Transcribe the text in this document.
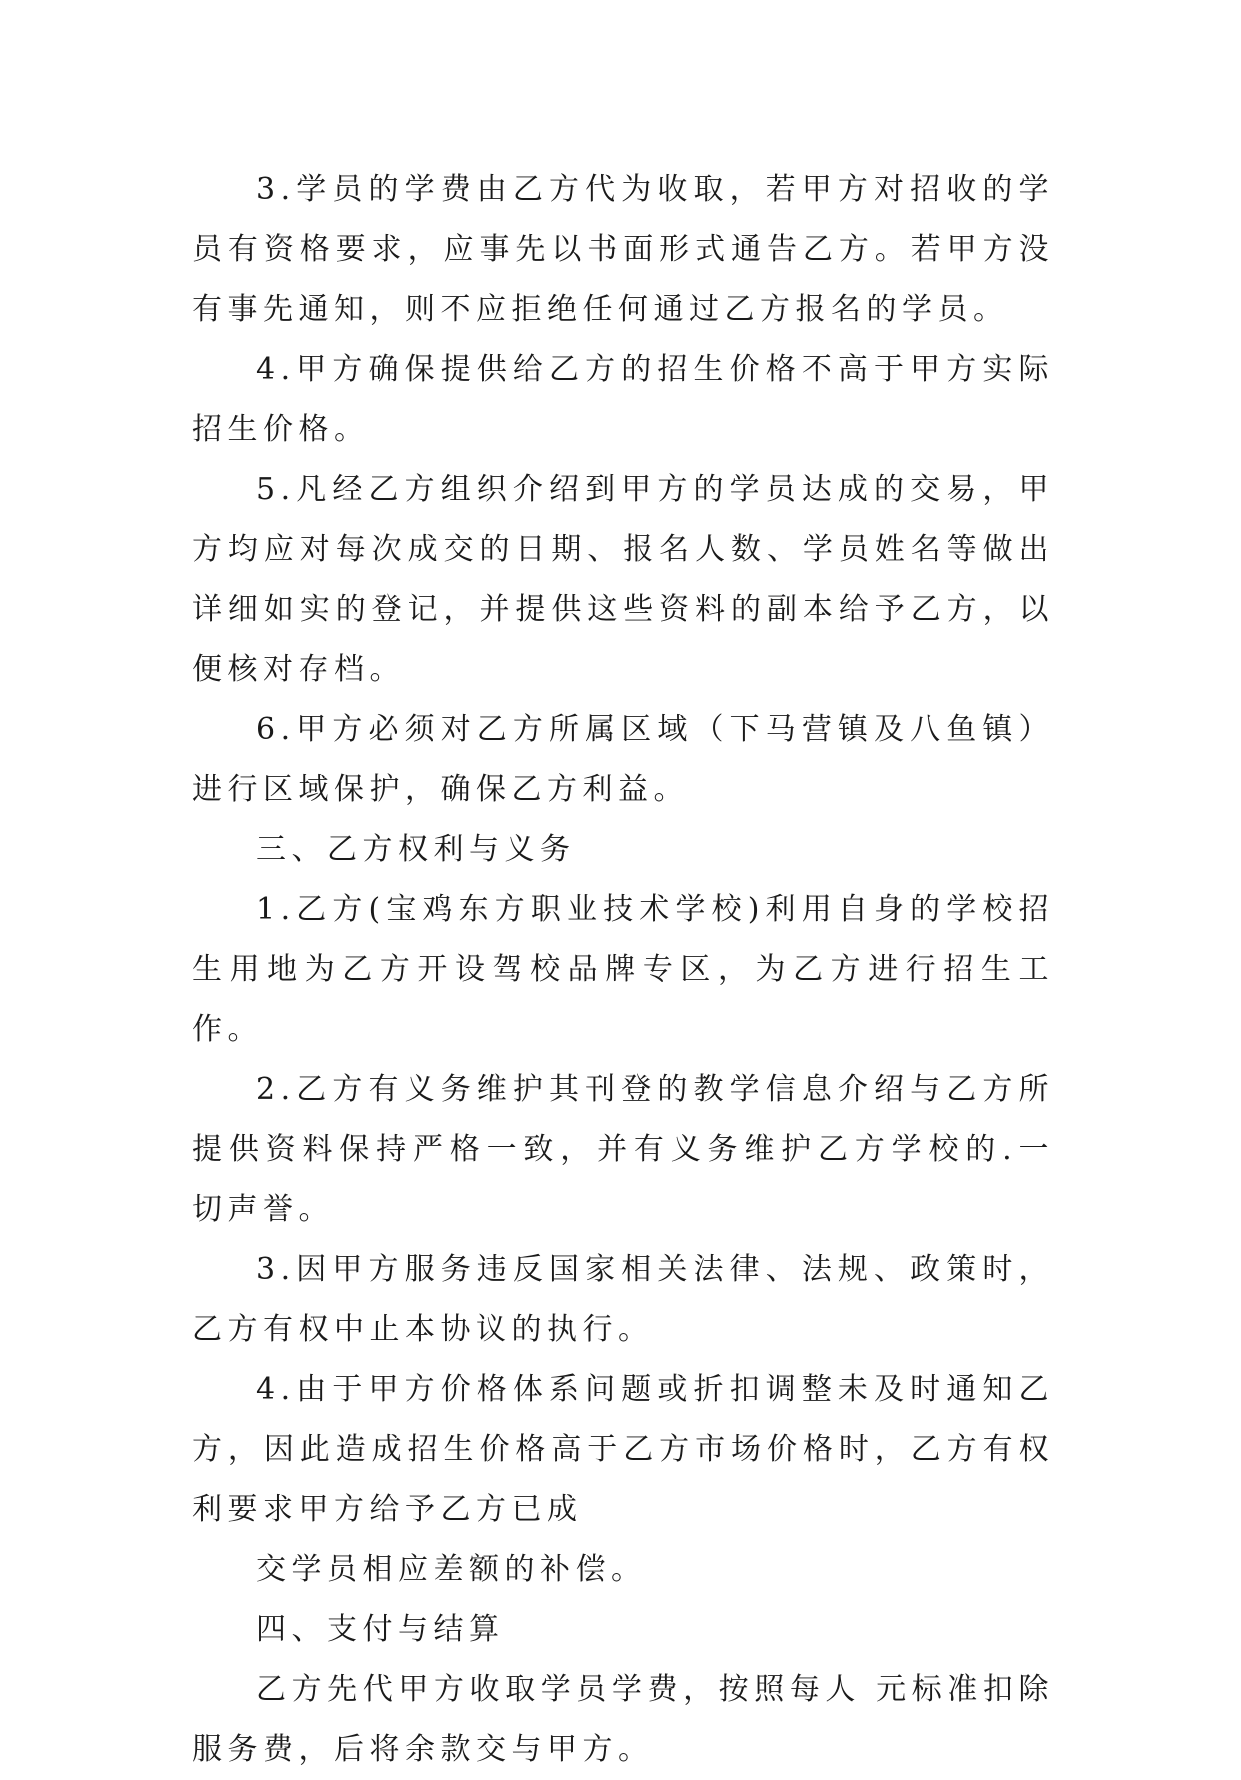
3.学员的学费由乙方代为收取，若甲方对招收的学员有资格要求，应事先以书面形式通告乙方。若甲方没有事先通知，则不应拒绝任何通过乙方报名的学员。

4.甲方确保提供给乙方的招生价格不高于甲方实际招生价格。

5.凡经乙方组织介绍到甲方的学员达成的交易，甲方均应对每次成交的日期、报名人数、学员姓名等做出详细如实的登记，并提供这些资料的副本给予乙方，以便核对存档。

6.甲方必须对乙方所属区域（下马营镇及八鱼镇）进行区域保护，确保乙方利益。

三、乙方权利与义务

1.乙方(宝鸡东方职业技术学校)利用自身的学校招生用地为乙方开设驾校品牌专区，为乙方进行招生工作。

2.乙方有义务维护其刊登的教学信息介绍与乙方所提供资料保持严格一致，并有义务维护乙方学校的.一切声誉。

3.因甲方服务违反国家相关法律、法规、政策时，乙方有权中止本协议的执行。

4.由于甲方价格体系问题或折扣调整未及时通知乙方，因此造成招生价格高于乙方市场价格时，乙方有权利要求甲方给予乙方已成

交学员相应差额的补偿。

四、支付与结算

乙方先代甲方收取学员学费，按照每人 元标准扣除服务费，后将余款交与甲方。
